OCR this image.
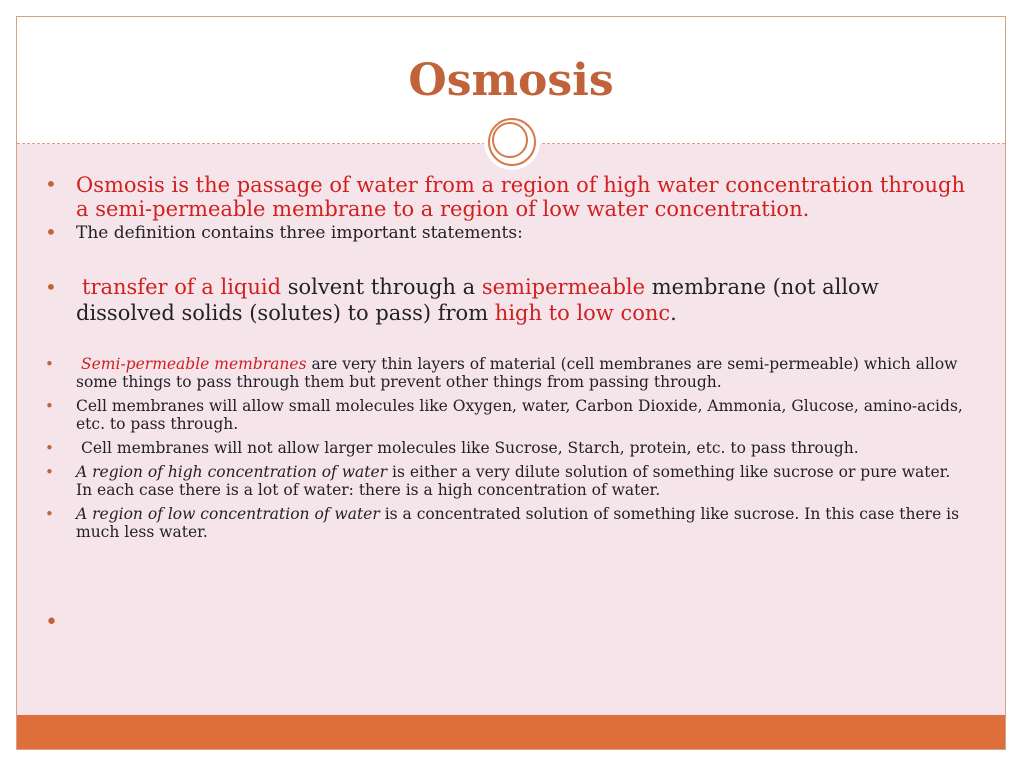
Osmosis
• Osmosis is the passage of water from a region of high water concentration through a semi-permeable membrane to a region of low water concentration.
• The definition contains three important statements:
• transfer of a liquid solvent through a semipermeable membrane (not allow dissolved solids (solutes) to pass) from high to low conc.
• Semi-permeable membranes are very thin layers of material (cell membranes are semi-permeable) which allow some things to pass through them but prevent other things from passing through.
• Cell membranes will allow small molecules like Oxygen, water, Carbon Dioxide, Ammonia, Glucose, amino-acids, etc. to pass through.
• Cell membranes will not allow larger molecules like Sucrose, Starch, protein, etc. to pass through.
• A region of high concentration of water is either a very dilute solution of something like sucrose or pure water. In each case there is a lot of water: there is a high concentration of water.
• A region of low concentration of water is a concentrated solution of something like sucrose. In this case there is much less water.
•
